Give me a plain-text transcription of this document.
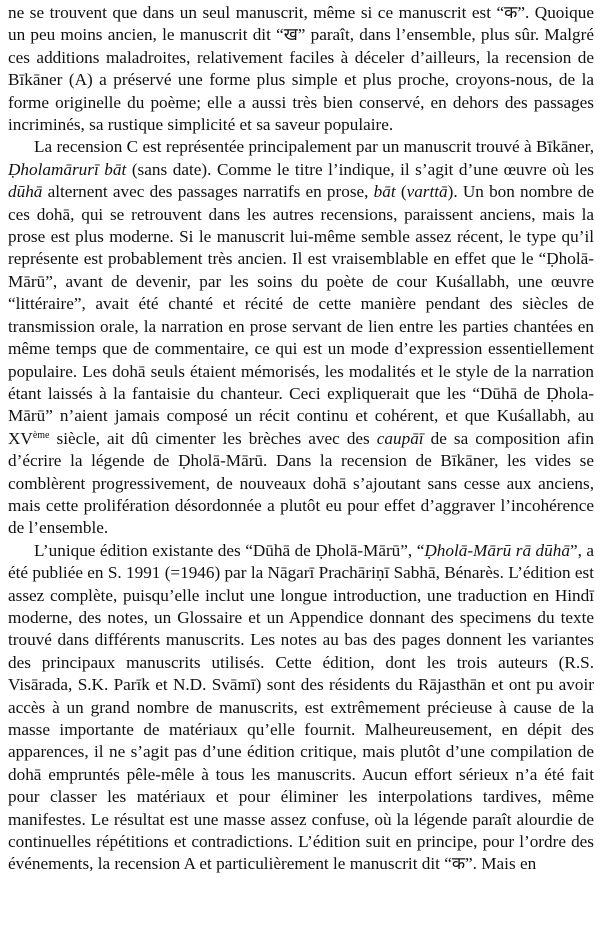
ne se trouvent que dans un seul manuscrit, même si ce manuscrit est “क”. Quoique un peu moins ancien, le manuscrit dit “ख” paraît, dans l’ensemble, plus sûr. Malgré ces additions maladroites, relativement faciles à déceler d’ailleurs, la recension de Bīkāner (A) a préservé une forme plus simple et plus proche, croyons-nous, de la forme originelle du poème; elle a aussi très bien conservé, en dehors des passages incriminés, sa rustique simplicité et sa saveur populaire.

La recension C est représentée principalement par un manuscrit trouvé à Bīkāner, Ḍholamārurī bāt (sans date). Comme le titre l’indique, il s’agit d’une œuvre où les dūhā alternent avec des passages narratifs en prose, bāt (varttā). Un bon nombre de ces dohā, qui se retrouvent dans les autres recensions, paraissent anciens, mais la prose est plus moderne. Si le manuscrit lui-même semble assez récent, le type qu’il représente est probablement très ancien. Il est vraisemblable en effet que le “Ḍholā-Mārū”, avant de devenir, par les soins du poète de cour Kuśallabh, une œuvre “littéraire”, avait été chanté et récité de cette manière pendant des siècles de transmission orale, la narration en prose servant de lien entre les parties chantées en même temps que de commentaire, ce qui est un mode d’expression essentiellement populaire. Les dohā seuls étaient mémorisés, les modalités et le style de la narration étant laissés à la fantaisie du chanteur. Ceci expliquerait que les “Dūhā de Ḍhola-Mārū” n’aient jamais composé un récit continu et cohérent, et que Kuśallabh, au XVème siècle, ait dû cimenter les brèches avec des caupāī de sa composition afin d’écrire la légende de Ḍholā-Mārū. Dans la recension de Bīkāner, les vides se comblèrent progressivement, de nouveaux dohā s’ajoutant sans cesse aux anciens, mais cette prolifération désordonnée a plutôt eu pour effet d’aggraver l’incohérence de l’ensemble.

L’unique édition existante des “Dūhā de Ḍholā-Mārū”, “Ḍholā-Mārū rā dūhā”, a été publiée en S. 1991 (=1946) par la Nāgarī Prachāriṇī Sabhā, Bénarès. L’édition est assez complète, puisqu’elle inclut une longue introduction, une traduction en Hindī moderne, des notes, un Glossaire et un Appendice donnant des specimens du texte trouvé dans différents manuscrits. Les notes au bas des pages donnent les variantes des principaux manuscrits utilisés. Cette édition, dont les trois auteurs (R.S. Visārada, S.K. Parīk et N.D. Svāmī) sont des résidents du Rājasthān et ont pu avoir accès à un grand nombre de manuscrits, est extrêmement précieuse à cause de la masse importante de matériaux qu’elle fournit. Malheureusement, en dépit des apparences, il ne s’agit pas d’une édition critique, mais plutôt d’une compilation de dohā empruntés pêle-mêle à tous les manuscrits. Aucun effort sérieux n’a été fait pour classer les matériaux et pour éliminer les interpolations tardives, même manifestes. Le résultat est une masse assez confuse, où la légende paraît alourdie de continuelles répétitions et contradictions. L’édition suit en principe, pour l’ordre des événements, la recension A et particulièrement le manuscrit dit “क”. Mais en
